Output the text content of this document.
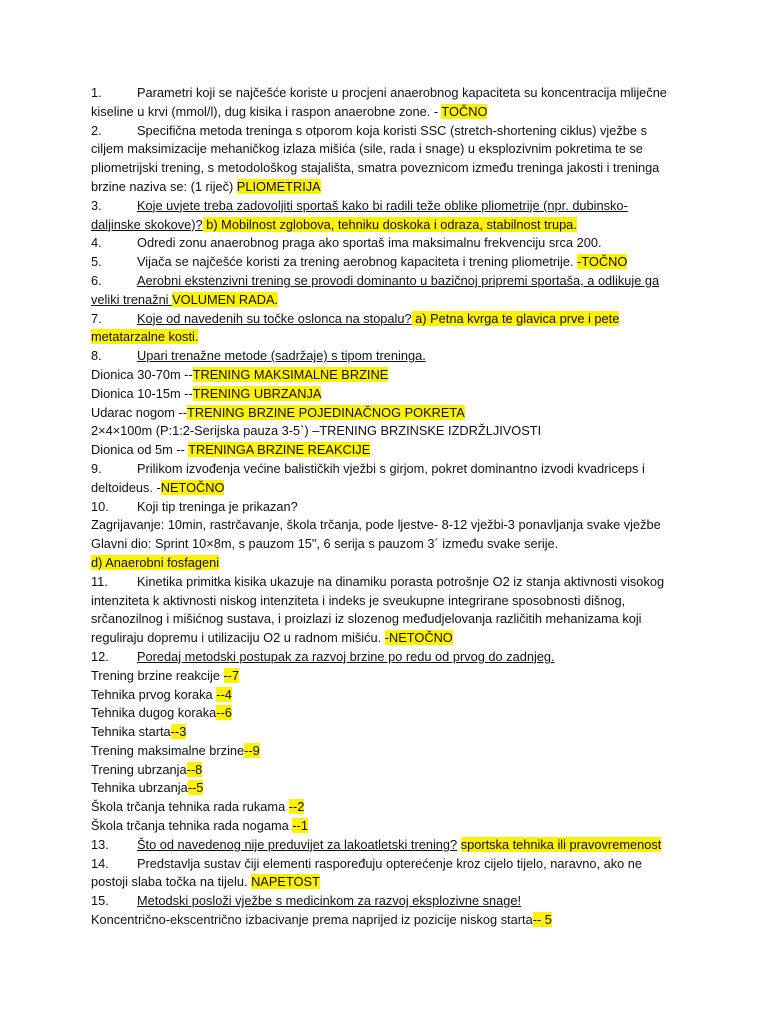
1.	Parametri koji se najčešće koriste u procjeni anaerobnog kapaciteta su koncentracija mliječne
kiseline u krvi (mmol/l), dug kisika i raspon anaerobne zone. - TOČNO
2.	Specifična metoda treninga s otporom koja koristi SSC (stretch-shortening ciklus) vježbe s
ciljem maksimizacije mehaničkog izlaza mišića (sile, rada i snage) u eksplozivnim pokretima te se
pliometrijski trening, s metodološkog stajališta, smatra poveznicom između treninga jakosti i treninga
brzine naziva se: (1 riječ) PLIOMETRIJA
3.	Koje uvjete treba zadovoljiti sportaš kako bi radili teže oblike pliometrije (npr. dubinsko-
daljinske skokove)? b) Mobilnost zglobova, tehniku doskoka i odraza, stabilnost trupa.
4.	Odredi zonu anaerobnog praga ako sportaš ima maksimalnu frekvenciju srca 200.
5.	Vijača se najčešće koristi za trening aerobnog kapaciteta i trening pliometrije. -TOČNO
6.	Aerobni ekstenzivni trening se provodi dominanto u bazičnoj pripremi sportaša, a odlikuje ga
veliki trenažni VOLUMEN RADA.
7.	Koje od navedenih su točke oslonca na stopalu? a) Petna kvrga te glavica prve i pete
metatarzalne kosti.
8.	Upari trenažne metode (sadržaje) s tipom treninga.
Dionica 30-70m --TRENING MAKSIMALNE BRZINE
Dionica 10-15m --TRENING UBRZANJA
Udarac nogom --TRENING BRZINE POJEDINAČNOG POKRETA
2×4×100m (P:1:2-Serijska pauza 3-5`) –TRENING BRZINSKE IZDRŽLJIVOSTI
Dionica od 5m -- TRENINGA BRZINE REAKCIJE
9.	Prilikom izvođenja većine balističkih vježbi s girjom, pokret dominantno izvodi kvadriceps i
deltoideus. -NETOČNO
10. Koji tip treninga je prikazan?
Zagrijavanje: 10min, rastrčavanje, škola trčanja, pode ljestve- 8-12 vježbi-3 ponavljanja svake vježbe
Glavni dio: Sprint 10×8m, s pauzom 15", 6 serija s pauzom 3´ između svake serije.
d) Anaerobni fosfageni
11. Kinetika primitka kisika ukazuje na dinamiku porasta potrošnje O2 iz stanja aktivnosti visokog
intenziteta k aktivnosti niskog intenziteta i indeks je sveukupne integrirane sposobnosti dišnog,
srčanozilnog i mišićnog sustava, i proizlazi iz slozenog međudjelovanja različitih mehanizama koji
reguliraju dopremu i utilizaciju O2 u radnom mišiću. -NETOČNO
12. Poredaj metodski postupak za razvoj brzine po redu od prvog do zadnjeg.
Trening brzine reakcije --7
Tehnika prvog koraka --4
Tehnika dugog koraka--6
Tehnika starta--3
Trening maksimalne brzine--9
Trening ubrzanja--8
Tehnika ubrzanja--5
Škola trčanja tehnika rada rukama --2
Škola trčanja tehnika rada nogama --1
13. Što od navedenog nije preduvijet za lakoatletski trening? sportska tehnika ili pravovremenost
14. Predstavlja sustav čiji elementi raspoređuju opterećenje kroz cijelo tijelo, naravno, ako ne
postoji slaba točka na tijelu. NAPETOST
15. Metodski posloži vježbe s medicinkom za razvoj eksplozivne snage!
Koncentrično-ekscentrično izbacivanje prema naprijed iz pozicije niskog starta-- 5
